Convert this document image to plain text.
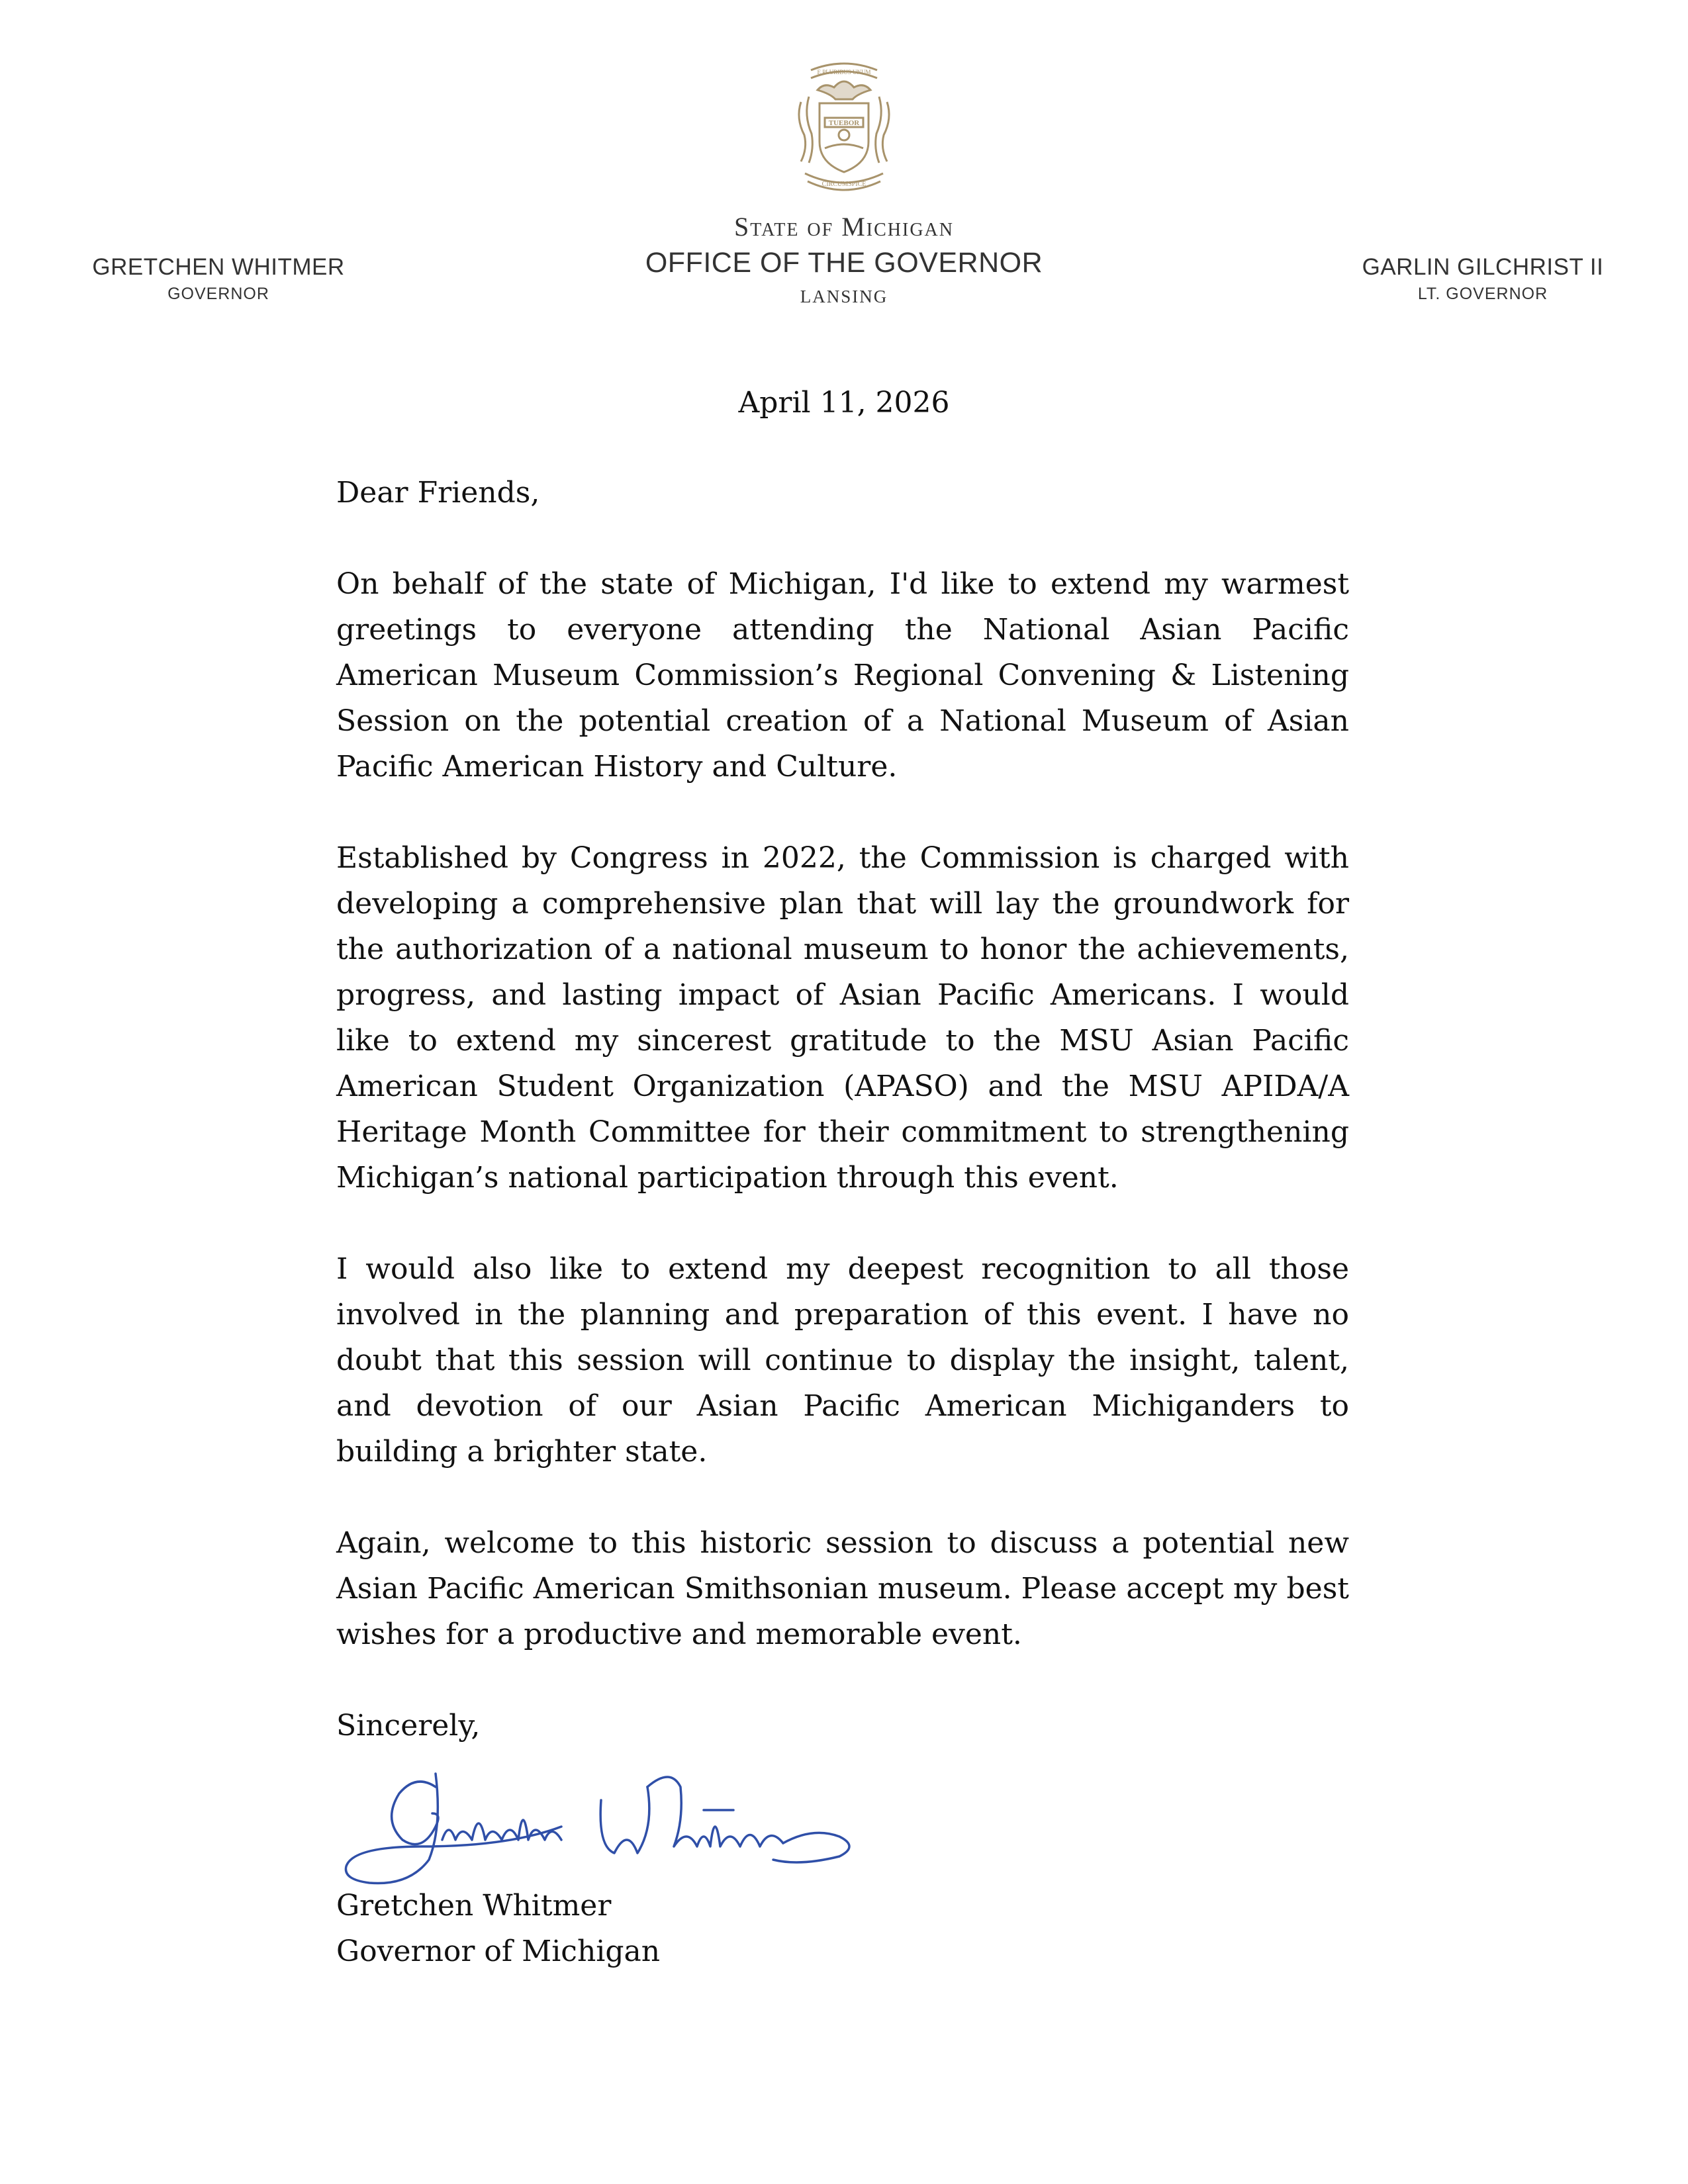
E PLURIBUS UNUM
TUEBOR
CIRCUMSPICE
GRETCHEN WHITMER
GOVERNOR
State of Michigan
OFFICE OF THE GOVERNOR
LANSING
GARLIN GILCHRIST II
LT. GOVERNOR
April 11, 2026

Dear Friends,

On behalf of the state of Michigan, I'd like to extend my warmest greetings to everyone attending the National Asian Pacific American Museum Commission’s Regional Convening & Listening Session on the potential creation of a National Museum of Asian Pacific American History and Culture.

Established by Congress in 2022, the Commission is charged with developing a comprehensive plan that will lay the groundwork for the authorization of a national museum to honor the achievements, progress, and lasting impact of Asian Pacific Americans. I would like to extend my sincerest gratitude to the MSU Asian Pacific American Student Organization (APASO) and the MSU APIDA/A Heritage Month Committee for their commitment to strengthening Michigan’s national participation through this event.

I would also like to extend my deepest recognition to all those involved in the planning and preparation of this event. I have no doubt that this session will continue to display the insight, talent, and devotion of our Asian Pacific American Michiganders to building a brighter state.

Again, welcome to this historic session to discuss a potential new Asian Pacific American Smithsonian museum. Please accept my best wishes for a productive and memorable event.

Sincerely,

Gretchen Whitmer

Gretchen Whitmer

Governor of Michigan
